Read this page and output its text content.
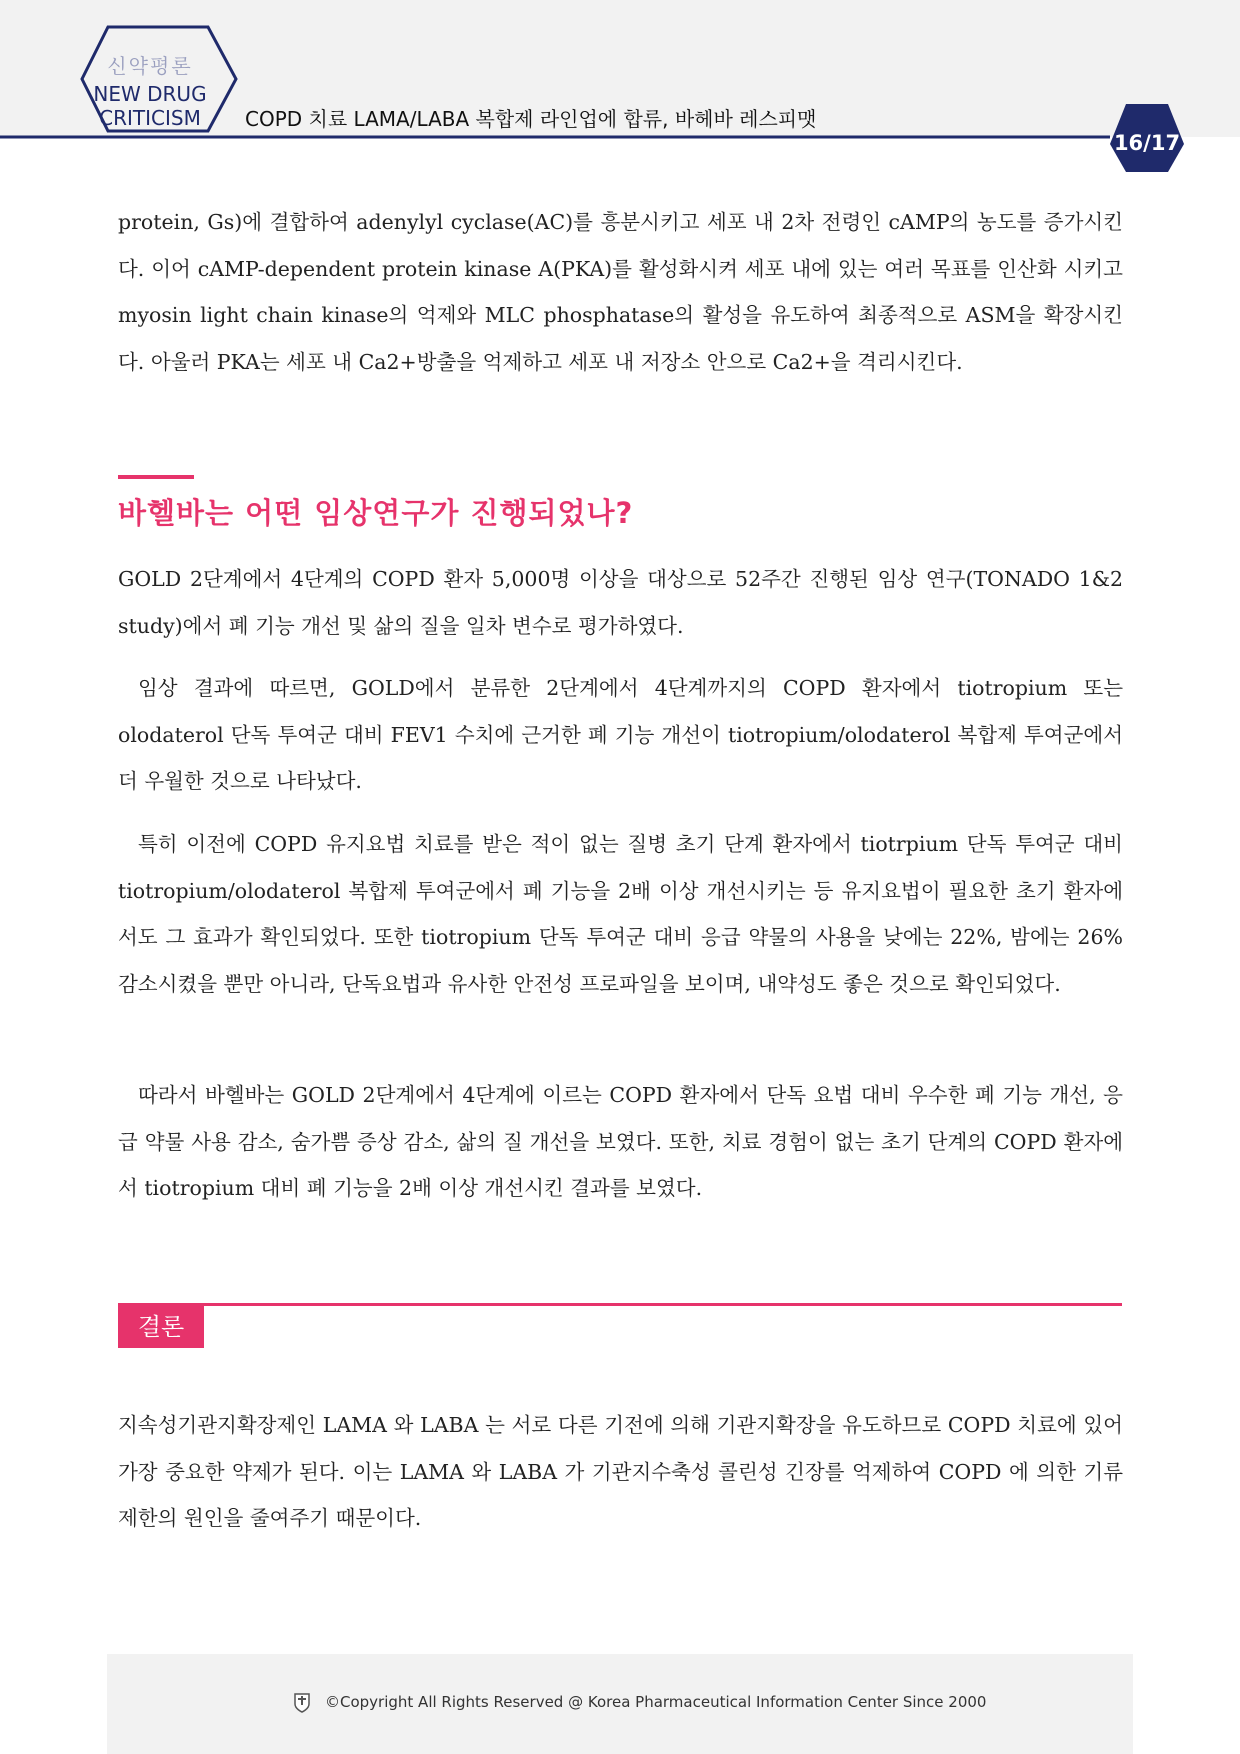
신약평론
NEW DRUG
CRITICISM	COPD 치료 LAMA/LABA 복합제 라인업에 합류, 바헤바 레스피맷
16/17

protein, Gs)에 결합하여 adenylyl cyclase(AC)를 흥분시키고 세포 내 2차 전령인 cAMP의 농도를 증가시킨다. 이어 cAMP-dependent protein kinase A(PKA)를 활성화시켜 세포 내에 있는 여러 목표를 인산화 시키고 myosin light chain kinase의 억제와 MLC phosphatase의 활성을 유도하여 최종적으로 ASM을 확장시킨다. 아울러 PKA는 세포 내 Ca2+방출을 억제하고 세포 내 저장소 안으로 Ca2+을 격리시킨다.

바헬바는 어떤 임상연구가 진행되었나?

GOLD 2단계에서 4단계의 COPD 환자 5,000명 이상을 대상으로 52주간 진행된 임상 연구(TONADO 1&2 study)에서 폐 기능 개선 및 삶의 질을 일차 변수로 평가하였다.

임상 결과에 따르면, GOLD에서 분류한 2단계에서 4단계까지의 COPD 환자에서 tiotropium 또는 olodaterol 단독 투여군 대비 FEV1 수치에 근거한 폐 기능 개선이 tiotropium/olodaterol 복합제 투여군에서 더 우월한 것으로 나타났다.

특히 이전에 COPD 유지요법 치료를 받은 적이 없는 질병 초기 단계 환자에서 tiotrpium 단독 투여군 대비 tiotropium/olodaterol 복합제 투여군에서 폐 기능을 2배 이상 개선시키는 등 유지요법이 필요한 초기 환자에서도 그 효과가 확인되었다. 또한 tiotropium 단독 투여군 대비 응급 약물의 사용을 낮에는 22%, 밤에는 26% 감소시켰을 뿐만 아니라, 단독요법과 유사한 안전성 프로파일을 보이며, 내약성도 좋은 것으로 확인되었다.

따라서 바헬바는 GOLD 2단계에서 4단계에 이르는 COPD 환자에서 단독 요법 대비 우수한 폐 기능 개선, 응급 약물 사용 감소, 숨가쁨 증상 감소, 삶의 질 개선을 보였다. 또한, 치료 경험이 없는 초기 단계의 COPD 환자에서 tiotropium 대비 폐 기능을 2배 이상 개선시킨 결과를 보였다.

결론

지속성기관지확장제인 LAMA 와 LABA 는 서로 다른 기전에 의해 기관지확장을 유도하므로 COPD 치료에 있어 가장 중요한 약제가 된다. 이는 LAMA 와 LABA 가 기관지수축성 콜린성 긴장를 억제하여 COPD 에 의한 기류제한의 원인을 줄여주기 때문이다.

©Copyright All Rights Reserved @ Korea Pharmaceutical Information Center Since 2000
